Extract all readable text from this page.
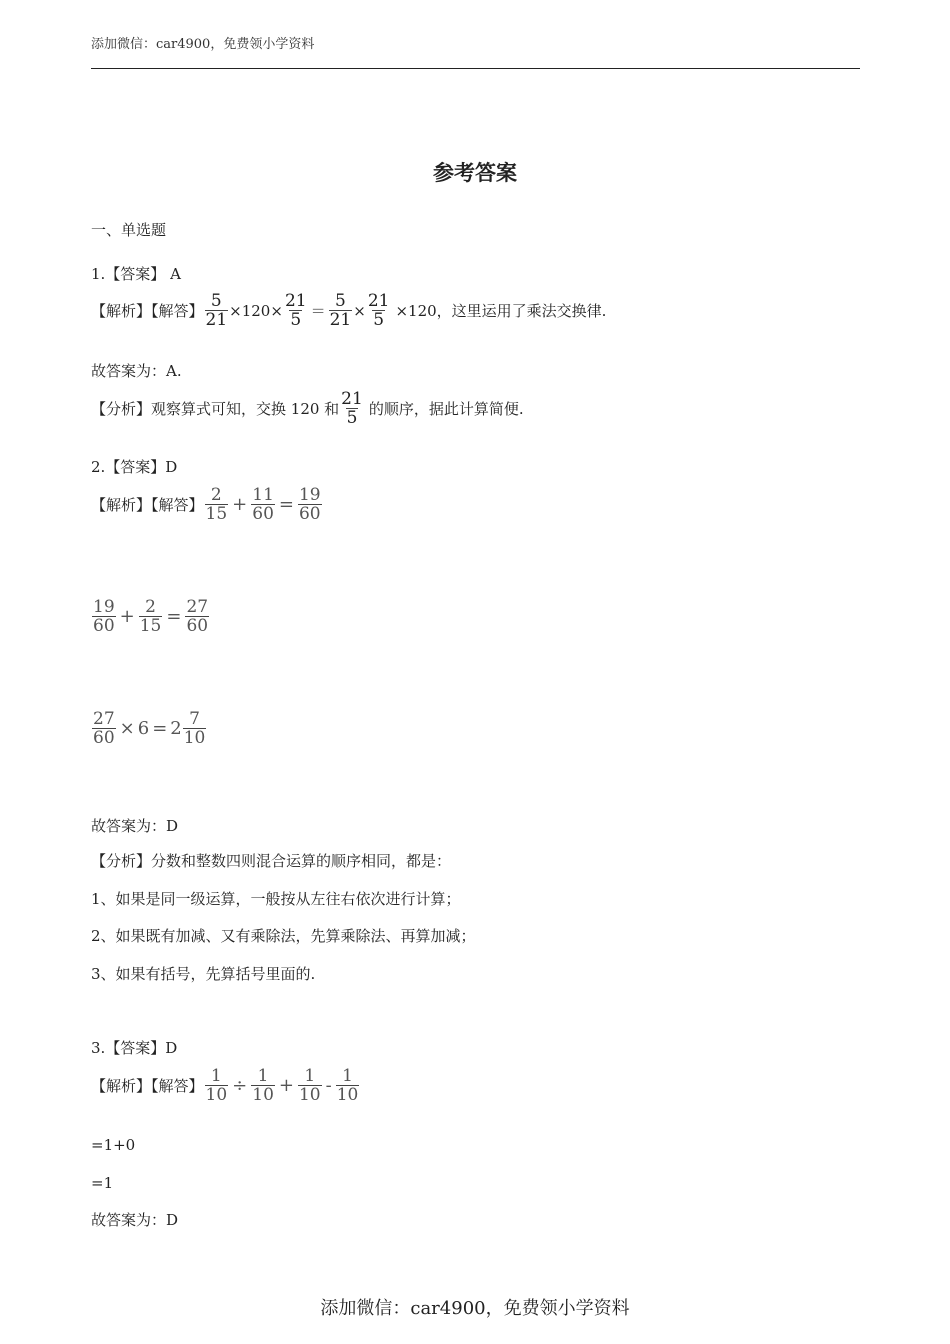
添加微信：car4900，免费领小学资料
参考答案
一、单选题
1.【答案】 A
【解析】【解答】 $\frac{5}{21} \times 120\times \frac{21}{5} = \frac{5}{21} \times \frac{21}{5} \times 120$，这里运用了乘法交换律.
故答案为：A.
【分析】观察算式可知，交换 120 和 $\frac{21}{5}$ 的顺序，据此计算简便.
2.【答案】D
【解析】【解答】 $\frac{2}{15} + \frac{11}{60} = \frac{19}{60}$
$\frac{19}{60} + \frac{2}{15} = \frac{27}{60}$
$\frac{27}{60} \times 6 = 2 \frac{7}{10}$
故答案为：D
【分析】分数和整数四则混合运算的顺序相同，都是：
1、如果是同一级运算，一般按从左往右依次进行计算；
2、如果既有加减、又有乘除法，先算乘除法、再算加减；
3、如果有括号，先算括号里面的.
3.【答案】D
【解析】【解答】 $\frac{1}{10} \div \frac{1}{10} + \frac{1}{10} - \frac{1}{10}$
=1+0
=1
故答案为：D
添加微信：car4900，免费领小学资料
